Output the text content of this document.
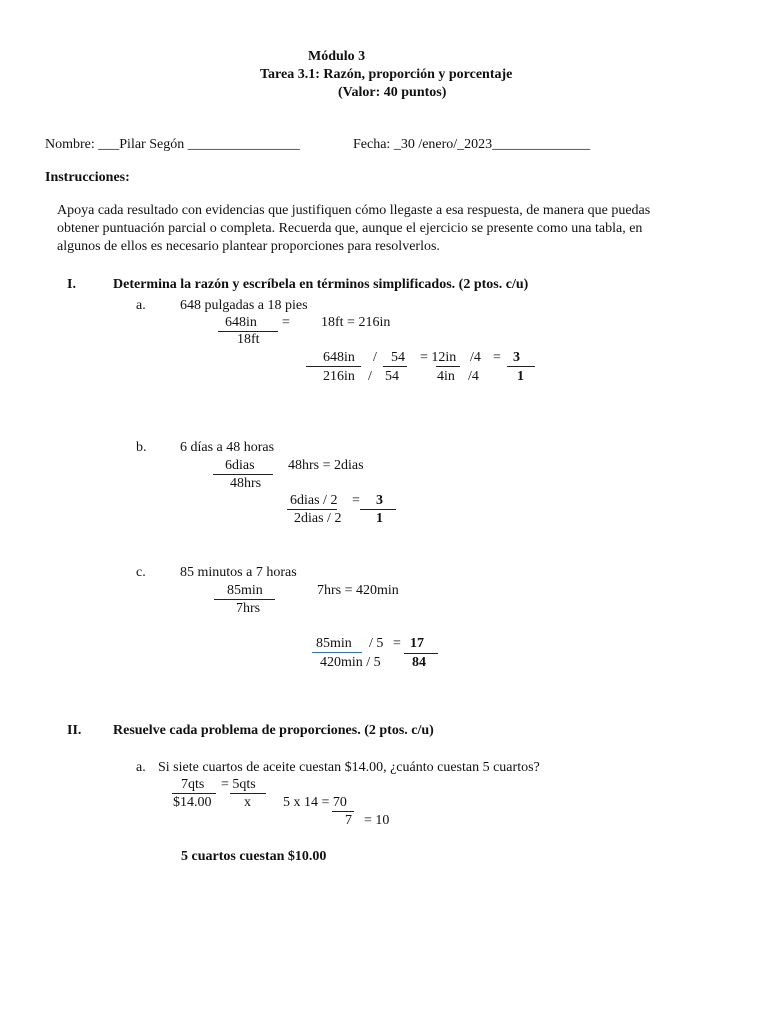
Módulo 3
Tarea 3.1: Razón, proporción y porcentaje
(Valor: 40 puntos)
Nombre: ___Pilar Segón ________________	Fecha: _30 /enero/_2023______________
Instrucciones:
Apoya cada resultado con evidencias que justifiquen cómo llegaste a esa respuesta, de manera que puedas
obtener puntuación parcial o completa. Recuerda que, aunque el ejercicio se presente como una tabla, en
algunos de ellos es necesario plantear proporciones para resolverlos.
I.	Determina la razón y escríbela en términos simplificados. (2 ptos. c/u)
a. 648 pulgadas a 18 pies
648in = 18ft = 216in
18ft
648in / 54 = 12in /4 = 3
216in / 54	4in /4	1
b. 6 días a 48 horas
6dias 48hrs = 2dias
48hrs
6dias / 2 = 3
2dias / 2 1
c. 85 minutos a 7 horas
85min	7hrs = 420min
7hrs
85min / 5 = 17
420min / 5 84
II. Resuelve cada problema de proporciones. (2 ptos. c/u)
a. Si siete cuartos de aceite cuestan $14.00, ¿cuánto cuestan 5 cuartos?
7qts = 5qts
$14.00 x 5 x 14 = 70
7 = 10
5 cuartos cuestan $10.00
